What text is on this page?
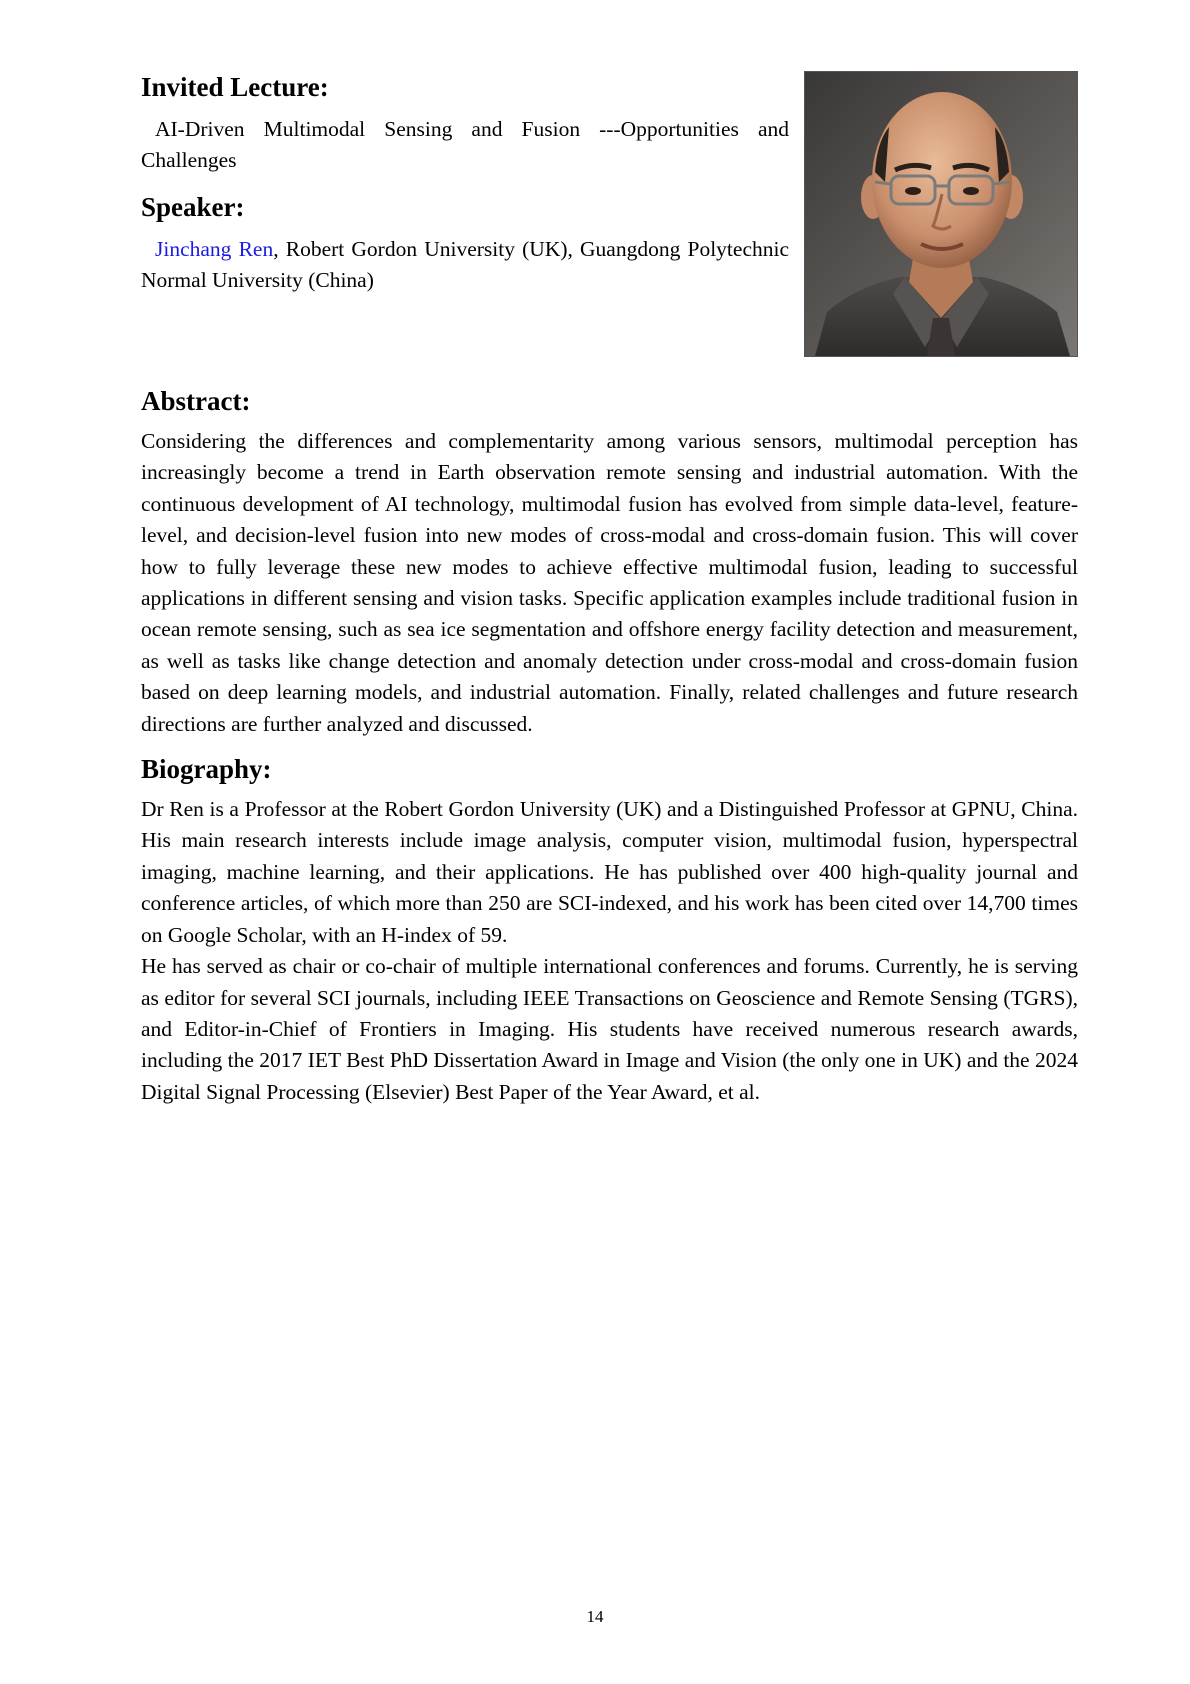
Invited Lecture:

AI-Driven Multimodal Sensing and Fusion ---Opportunities and Challenges

Speaker:

Jinchang Ren, Robert Gordon University (UK), Guangdong Polytechnic Normal University (China)

Abstract:

Considering the differences and complementarity among various sensors, multimodal perception has increasingly become a trend in Earth observation remote sensing and industrial automation. With the continuous development of AI technology, multimodal fusion has evolved from simple data-level, feature-level, and decision-level fusion into new modes of cross-modal and cross-domain fusion. This will cover how to fully leverage these new modes to achieve effective multimodal fusion, leading to successful applications in different sensing and vision tasks. Specific application examples include traditional fusion in ocean remote sensing, such as sea ice segmentation and offshore energy facility detection and measurement, as well as tasks like change detection and anomaly detection under cross-modal and cross-domain fusion based on deep learning models, and industrial automation. Finally, related challenges and future research directions are further analyzed and discussed.

Biography:

Dr Ren is a Professor at the Robert Gordon University (UK) and a Distinguished Professor at GPNU, China. His main research interests include image analysis, computer vision, multimodal fusion, hyperspectral imaging, machine learning, and their applications. He has published over 400 high-quality journal and conference articles, of which more than 250 are SCI-indexed, and his work has been cited over 14,700 times on Google Scholar, with an H-index of 59.

He has served as chair or co-chair of multiple international conferences and forums. Currently, he is serving as editor for several SCI journals, including IEEE Transactions on Geoscience and Remote Sensing (TGRS), and Editor-in-Chief of Frontiers in Imaging. His students have received numerous research awards, including the 2017 IET Best PhD Dissertation Award in Image and Vision (the only one in UK) and the 2024 Digital Signal Processing (Elsevier) Best Paper of the Year Award, et al.

14
